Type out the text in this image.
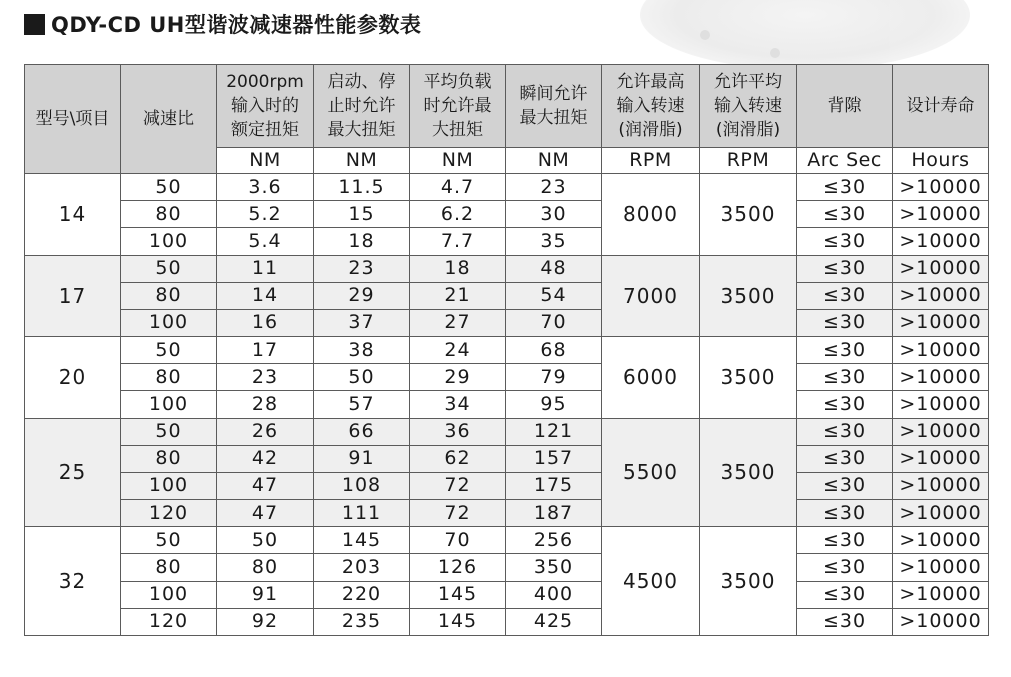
QDY-CD UH型谐波减速器性能参数表
型号\项目	减速比	2000rpm
输入时的
额定扭矩	启动、停
止时允许
最大扭矩	平均负载
时允许最
大扭矩	瞬间允许
最大扭矩	允许最高
输入转速
(润滑脂)	允许平均
输入转速
(润滑脂)	背隙	设计寿命
		NM	NM	NM	NM	RPM	RPM	Arc Sec	Hours
14	50	3.6	11.5	4.7	23	8000	3500	≤30	>10000
	80	5.2	15	6.2	30			≤30	>10000
	100	5.4	18	7.7	35			≤30	>10000
17	50	11	23	18	48	7000	3500	≤30	>10000
	80	14	29	21	54			≤30	>10000
	100	16	37	27	70			≤30	>10000
20	50	17	38	24	68	6000	3500	≤30	>10000
	80	23	50	29	79			≤30	>10000
	100	28	57	34	95			≤30	>10000
25	50	26	66	36	121	5500	3500	≤30	>10000
	80	42	91	62	157			≤30	>10000
	100	47	108	72	175			≤30	>10000
	120	47	111	72	187			≤30	>10000
32	50	50	145	70	256	4500	3500	≤30	>10000
	80	80	203	126	350			≤30	>10000
	100	91	220	145	400			≤30	>10000
	120	92	235	145	425			≤30	>10000
